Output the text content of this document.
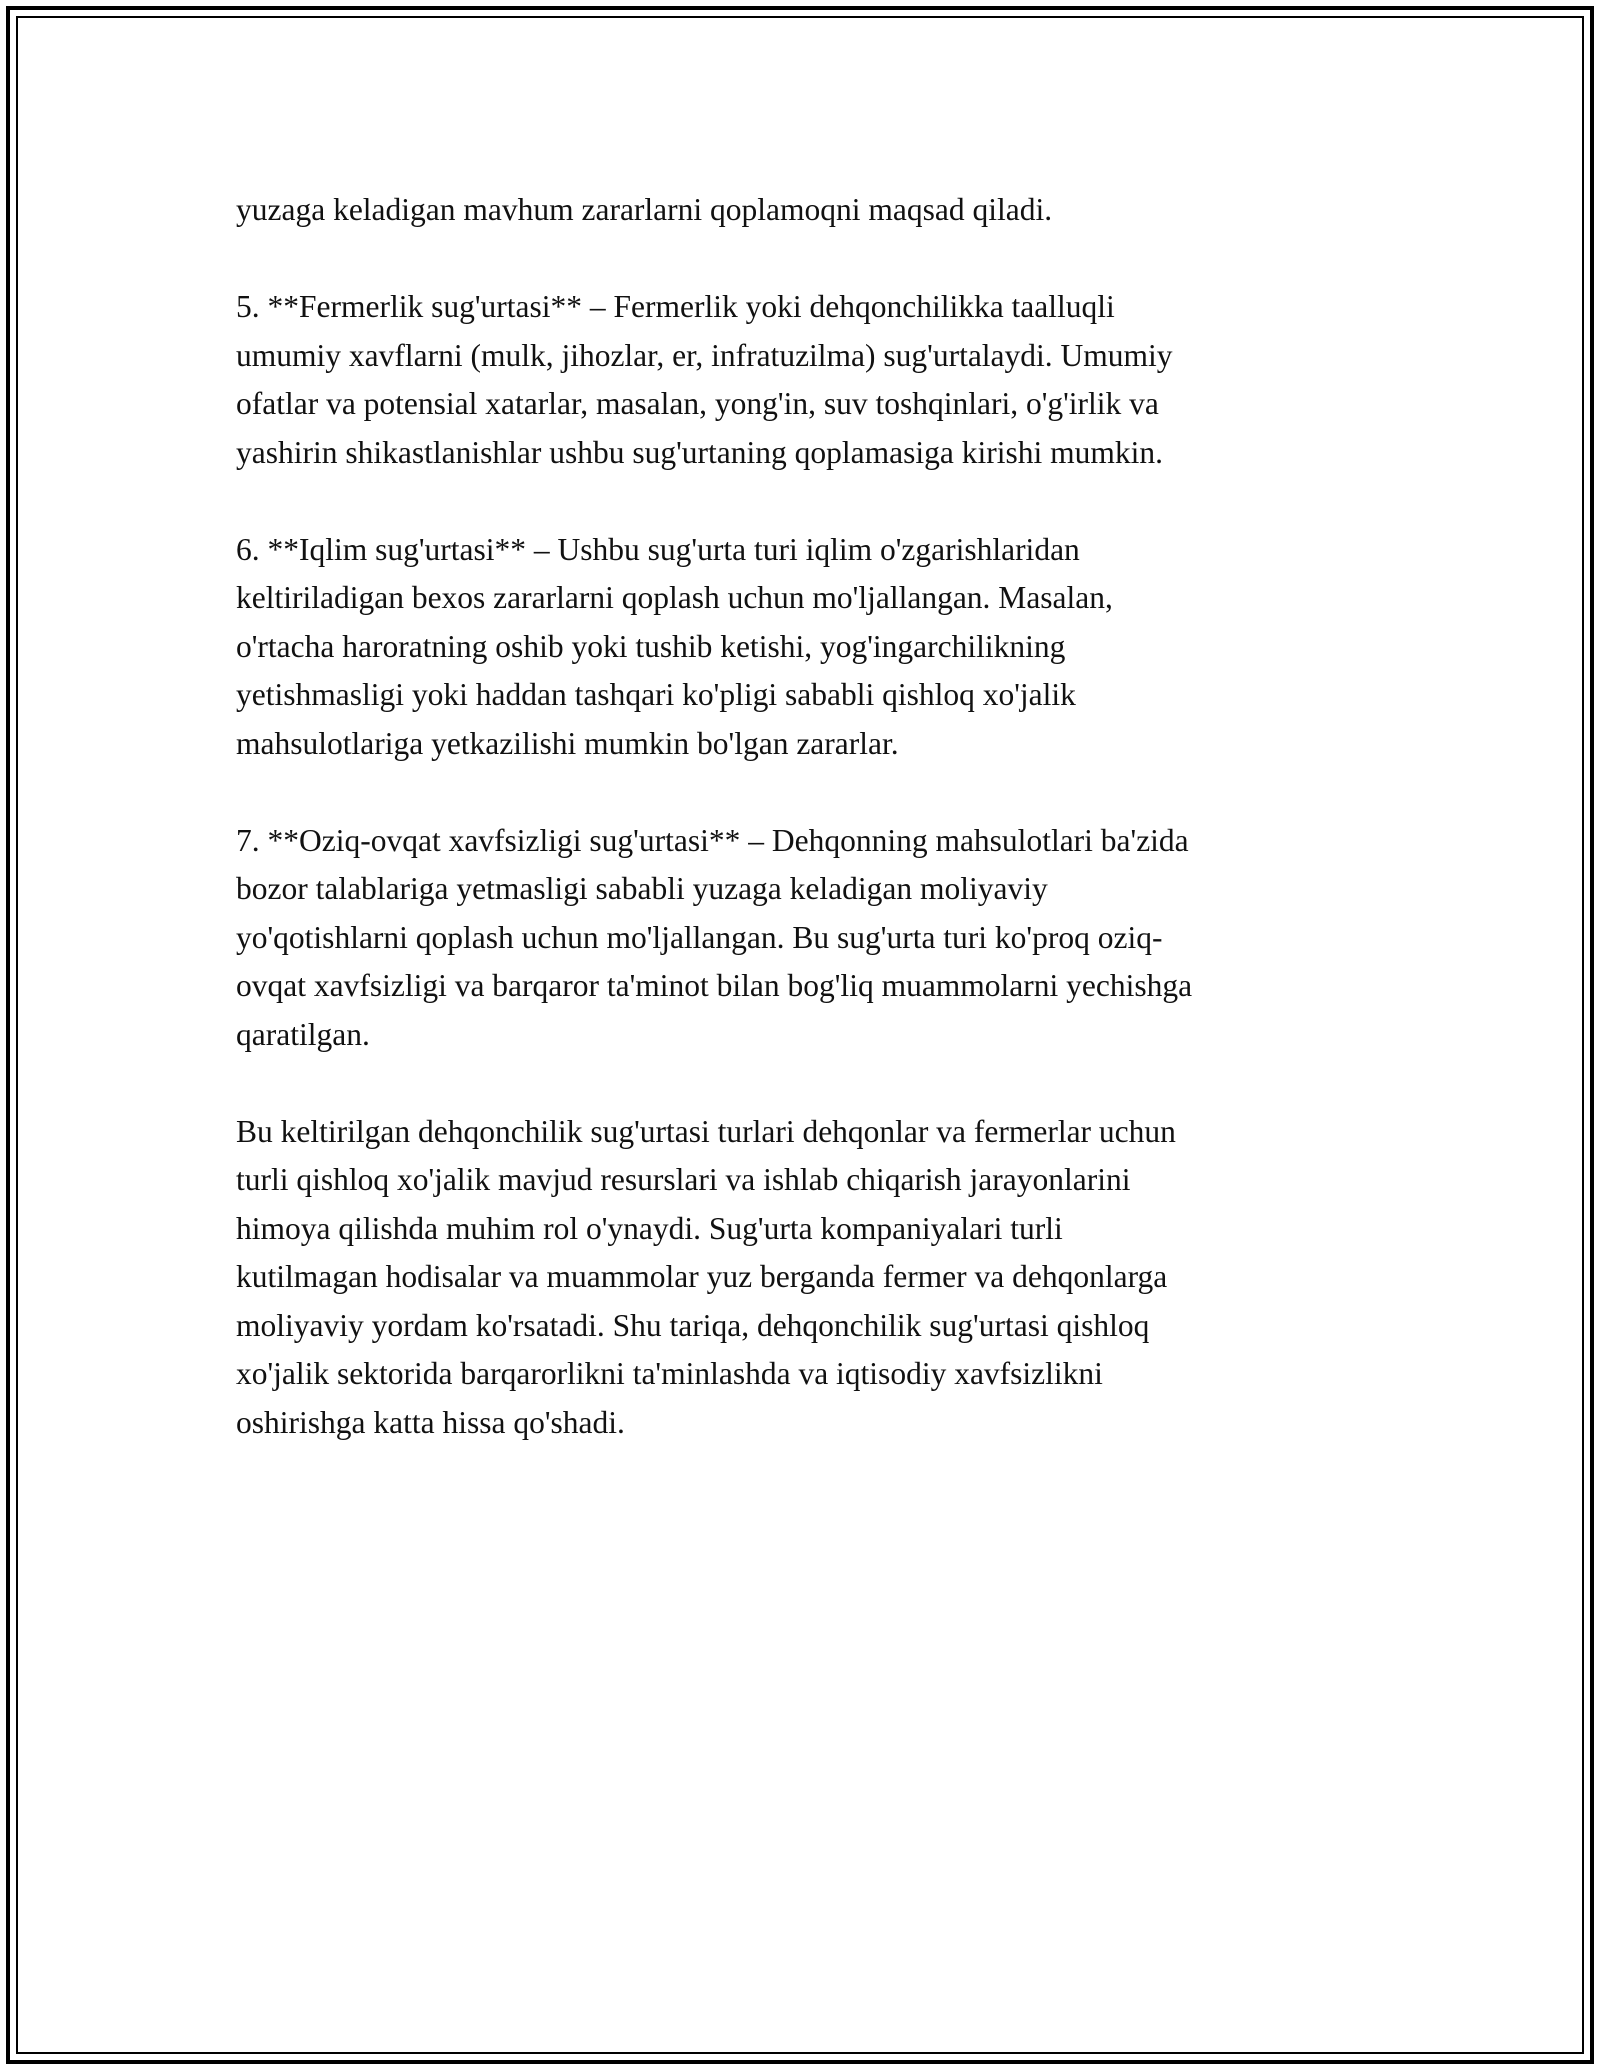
yuzaga keladigan mavhum zararlarni qoplamoqni maqsad qiladi.

5. **Fermerlik sug'urtasi** – Fermerlik yoki dehqonchilikka taalluqli
umumiy xavflarni (mulk, jihozlar, er, infratuzilma) sug'urtalaydi. Umumiy
ofatlar va potensial xatarlar, masalan, yong'in, suv toshqinlari, o'g'irlik va
yashirin shikastlanishlar ushbu sug'urtaning qoplamasiga kirishi mumkin.

6. **Iqlim sug'urtasi** – Ushbu sug'urta turi iqlim o'zgarishlaridan
keltiriladigan bexos zararlarni qoplash uchun mo'ljallangan. Masalan,
o'rtacha haroratning oshib yoki tushib ketishi, yog'ingarchilikning
yetishmasligi yoki haddan tashqari ko'pligi sababli qishloq xo'jalik
mahsulotlariga yetkazilishi mumkin bo'lgan zararlar.

7. **Oziq-ovqat xavfsizligi sug'urtasi** – Dehqonning mahsulotlari ba'zida
bozor talablariga yetmasligi sababli yuzaga keladigan moliyaviy
yo'qotishlarni qoplash uchun mo'ljallangan. Bu sug'urta turi ko'proq oziq-
ovqat xavfsizligi va barqaror ta'minot bilan bog'liq muammolarni yechishga
qaratilgan.

Bu keltirilgan dehqonchilik sug'urtasi turlari dehqonlar va fermerlar uchun
turli qishloq xo'jalik mavjud resurslari va ishlab chiqarish jarayonlarini
himoya qilishda muhim rol o'ynaydi. Sug'urta kompaniyalari turli
kutilmagan hodisalar va muammolar yuz berganda fermer va dehqonlarga
moliyaviy yordam ko'rsatadi. Shu tariqa, dehqonchilik sug'urtasi qishloq
xo'jalik sektorida barqarorlikni ta'minlashda va iqtisodiy xavfsizlikni
oshirishga katta hissa qo'shadi.
